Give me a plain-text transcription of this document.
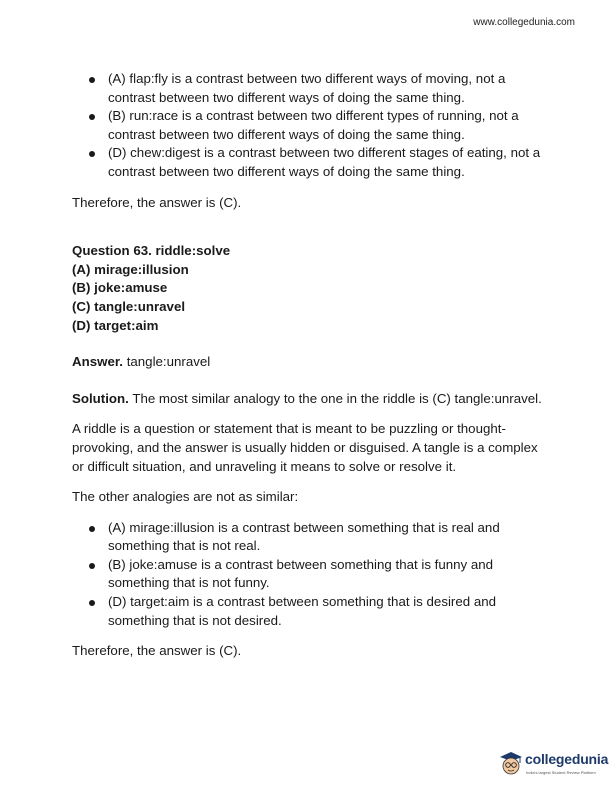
www.collegedunia.com
(A) flap:fly is a contrast between two different ways of moving, not a contrast between two different ways of doing the same thing.
(B) run:race is a contrast between two different types of running, not a contrast between two different ways of doing the same thing.
(D) chew:digest is a contrast between two different stages of eating, not a contrast between two different ways of doing the same thing.

Therefore, the answer is (C).

Question 63. riddle:solve
(A) mirage:illusion
(B) joke:amuse
(C) tangle:unravel
(D) target:aim

Answer. tangle:unravel

Solution. The most similar analogy to the one in the riddle is (C) tangle:unravel.

A riddle is a question or statement that is meant to be puzzling or thought-provoking, and the answer is usually hidden or disguised. A tangle is a complex or difficult situation, and unraveling it means to solve or resolve it.

The other analogies are not as similar:

(A) mirage:illusion is a contrast between something that is real and something that is not real.
(B) joke:amuse is a contrast between something that is funny and something that is not funny.
(D) target:aim is a contrast between something that is desired and something that is not desired.

Therefore, the answer is (C).

collegedunia
India's largest Student Review Platform
